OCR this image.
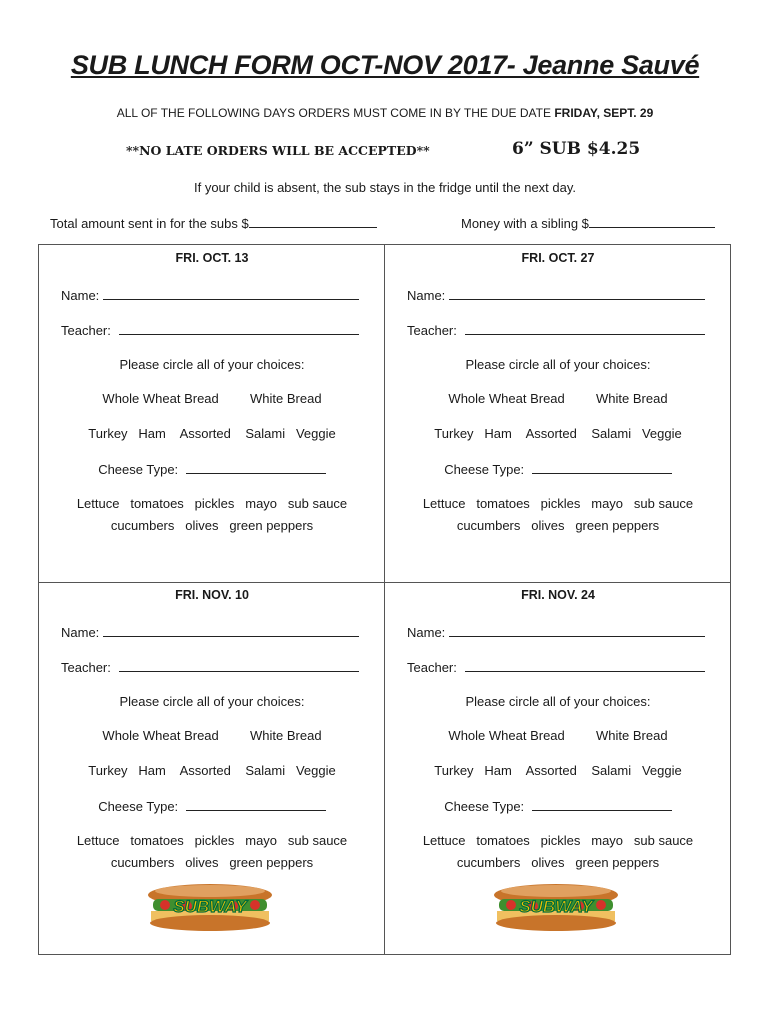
SUB LUNCH FORM OCT-NOV 2017- Jeanne Sauvé
ALL OF THE FOLLOWING DAYS ORDERS MUST COME IN BY THE DUE DATE FRIDAY, SEPT. 29
**NO LATE ORDERS WILL BE ACCEPTED**	6” SUB $4.25
If your child is absent, the sub stays in the fridge until the next day.
Total amount sent in for the subs $	Money with a sibling $
FRI. OCT. 13
Name:
Teacher:
Please circle all of your choices:
Whole Wheat Bread White Bread
Turkey Ham Assorted Salami Veggie
Cheese Type:
Lettuce tomatoes pickles mayo sub sauce
cucumbers olives green peppers
FRI. OCT. 27
Name:
Teacher:
Please circle all of your choices:
Whole Wheat Bread White Bread
Turkey Ham Assorted Salami Veggie
Cheese Type:
Lettuce tomatoes pickles mayo sub sauce
cucumbers olives green peppers
FRI. NOV. 10
Name:
Teacher:
Please circle all of your choices:
Whole Wheat Bread White Bread
Turkey Ham Assorted Salami Veggie
Cheese Type:
Lettuce tomatoes pickles mayo sub sauce
cucumbers olives green peppers
FRI. NOV. 24
Name:
Teacher:
Please circle all of your choices:
Whole Wheat Bread White Bread
Turkey Ham Assorted Salami Veggie
Cheese Type:
Lettuce tomatoes pickles mayo sub sauce
cucumbers olives green peppers
SUBWAY	SUBWAY
